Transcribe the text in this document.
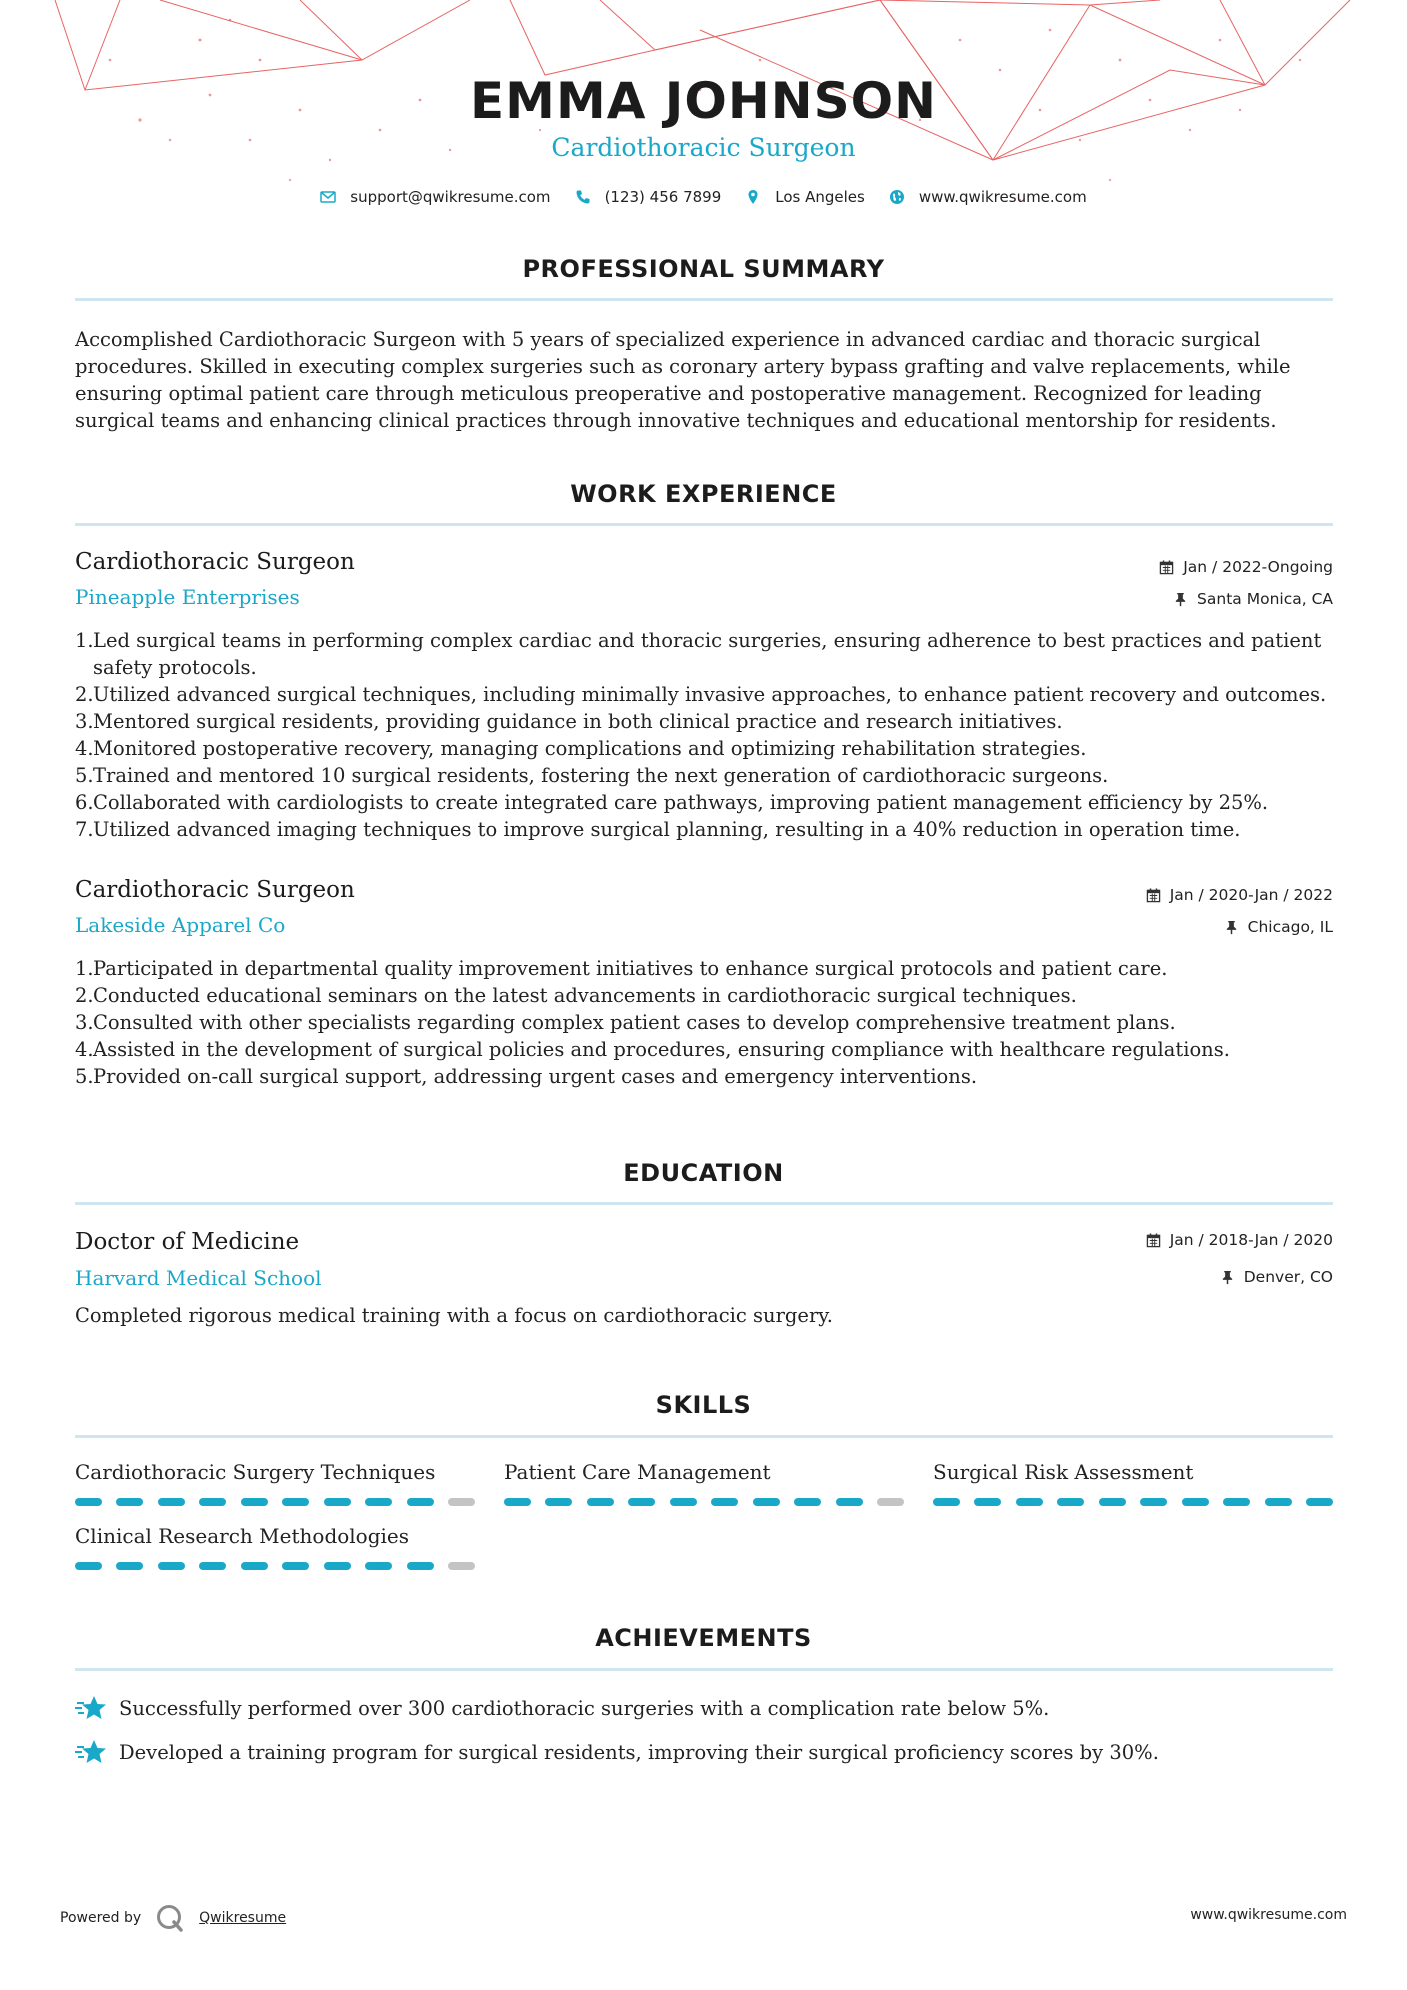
EMMA JOHNSON
Cardiothoracic Surgeon
support@qwikresume.com	(123) 456 7899	Los Angeles	www.qwikresume.com
PROFESSIONAL SUMMARY
Accomplished Cardiothoracic Surgeon with 5 years of specialized experience in advanced cardiac and thoracic surgical procedures. Skilled in executing complex surgeries such as coronary artery bypass grafting and valve replacements, while ensuring optimal patient care through meticulous preoperative and postoperative management. Recognized for leading surgical teams and enhancing clinical practices through innovative techniques and educational mentorship for residents.
WORK EXPERIENCE
Cardiothoracic Surgeon
Pineapple Enterprises
Jan / 2022-Ongoing
Santa Monica, CA
1. Led surgical teams in performing complex cardiac and thoracic surgeries, ensuring adherence to best practices and patient safety protocols.
2. Utilized advanced surgical techniques, including minimally invasive approaches, to enhance patient recovery and outcomes.
3. Mentored surgical residents, providing guidance in both clinical practice and research initiatives.
4. Monitored postoperative recovery, managing complications and optimizing rehabilitation strategies.
5. Trained and mentored 10 surgical residents, fostering the next generation of cardiothoracic surgeons.
6. Collaborated with cardiologists to create integrated care pathways, improving patient management efficiency by 25%.
7. Utilized advanced imaging techniques to improve surgical planning, resulting in a 40% reduction in operation time.
Cardiothoracic Surgeon
Lakeside Apparel Co
Jan / 2020-Jan / 2022
Chicago, IL
1. Participated in departmental quality improvement initiatives to enhance surgical protocols and patient care.
2. Conducted educational seminars on the latest advancements in cardiothoracic surgical techniques.
3. Consulted with other specialists regarding complex patient cases to develop comprehensive treatment plans.
4. Assisted in the development of surgical policies and procedures, ensuring compliance with healthcare regulations.
5. Provided on-call surgical support, addressing urgent cases and emergency interventions.
EDUCATION
Doctor of Medicine
Harvard Medical School
Jan / 2018-Jan / 2020
Denver, CO
Completed rigorous medical training with a focus on cardiothoracic surgery.
SKILLS
Cardiothoracic Surgery Techniques	Patient Care Management	Surgical Risk Assessment
Clinical Research Methodologies
ACHIEVEMENTS
Successfully performed over 300 cardiothoracic surgeries with a complication rate below 5%.
Developed a training program for surgical residents, improving their surgical proficiency scores by 30%.
Powered by	Qwikresume	www.qwikresume.com
